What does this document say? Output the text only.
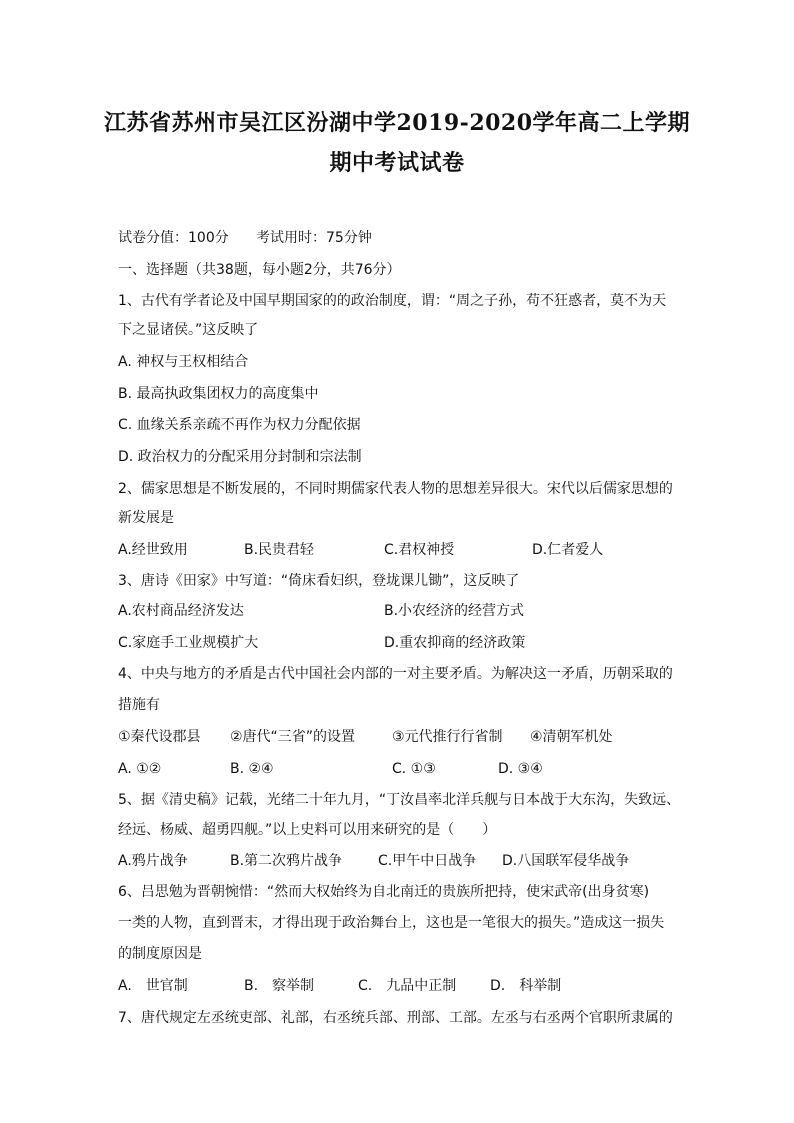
江苏省苏州市吴江区汾湖中学2019-2020学年高二上学期
期中考试试卷
试卷分值：100分 考试用时：75分钟
一、选择题（共38题，每小题2分，共76分）
1、古代有学者论及中国早期国家的的政治制度，谓：“周之子孙，苟不狂惑者，莫不为天
下之显诸侯。”这反映了
A. 神权与王权相结合
B. 最高执政集团权力的高度集中
C. 血缘关系亲疏不再作为权力分配依据
D. 政治权力的分配采用分封制和宗法制
2、儒家思想是不断发展的，不同时期儒家代表人物的思想差异很大。宋代以后儒家思想的
新发展是
A.经世致用	B.民贵君轻	C.君权神授	D.仁者爱人
3、唐诗《田家》中写道：“倚床看妇织，登垅课儿锄”，这反映了
A.农村商品经济发达	B.小农经济的经营方式
C.家庭手工业规模扩大	D.重农抑商的经济政策
4、中央与地方的矛盾是古代中国社会内部的一对主要矛盾。为解决这一矛盾，历朝采取的
措施有
①秦代设郡县 ②唐代“三省”的设置	③元代推行行省制 ④清朝军机处
A. ①②	B. ②④	C. ①③	D. ③④
5、据《清史稿》记载，光绪二十年九月，“丁汝昌率北洋兵舰与日本战于大东沟，失致远、
经远、杨威、超勇四舰。”以上史料可以用来研究的是（　　）
A.鸦片战争	B.第二次鸦片战争	C.甲午中日战争 D.八国联军侵华战争
6、吕思勉为晋朝惋惜：“然而大权始终为自北南迁的贵族所把持，使宋武帝(出身贫寒)
一类的人物，直到晋末，才得出现于政治舞台上，这也是一笔很大的损失。”造成这一损失
的制度原因是
A.　世官制	B.　察举制	C.　九品中正制 D.　科举制
7、唐代规定左丞统吏部、礼部，右丞统兵部、刑部、工部。左丞与右丞两个官职所隶属的
